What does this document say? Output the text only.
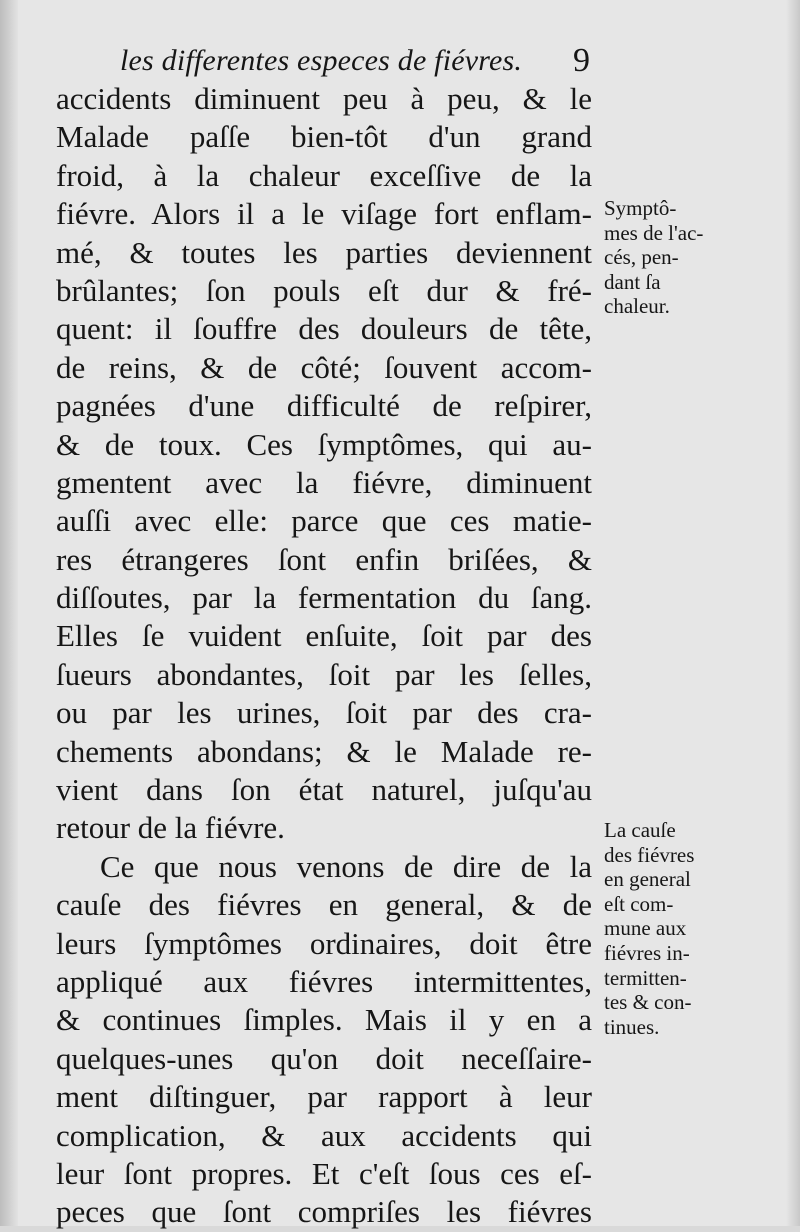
les differentes especes de fiévres. 9
accidents diminuent peu à peu, & le
Malade paſſe bien-tôt d'un grand
froid, à la chaleur exceſſive de la
fiévre. Alors il a le viſage fort enflam-
mé, & toutes les parties deviennent
brûlantes; ſon pouls eſt dur & fré-
quent: il ſouffre des douleurs de tête,
de reins, & de côté; ſouvent accom-
pagnées d'une difficulté de reſpirer,
& de toux. Ces ſymptômes, qui au-
gmentent avec la fiévre, diminuent
auſſi avec elle: parce que ces matie-
res étrangeres ſont enfin briſées, &
diſſoutes, par la fermentation du ſang.
Elles ſe vuident enſuite, ſoit par des
ſueurs abondantes, ſoit par les ſelles,
ou par les urines, ſoit par des cra-
chements abondans; & le Malade re-
vient dans ſon état naturel, juſqu'au
retour de la fiévre.
Ce que nous venons de dire de la
cauſe des fiévres en general, & de
leurs ſymptômes ordinaires, doit être
appliqué aux fiévres intermittentes,
& continues ſimples. Mais il y en a
quelques-unes qu'on doit neceſſaire-
ment diſtinguer, par rapport à leur
complication, & aux accidents qui
leur ſont propres. Et c'eſt ſous ces eſ-
peces que ſont compriſes les fiévres
Symptô-
mes de l'ac-
cés, pen-
dant ſa
chaleur.
La cauſe
des fiévres
en general
eſt com-
mune aux
fiévres in-
termitten-
tes & con-
tinues.
